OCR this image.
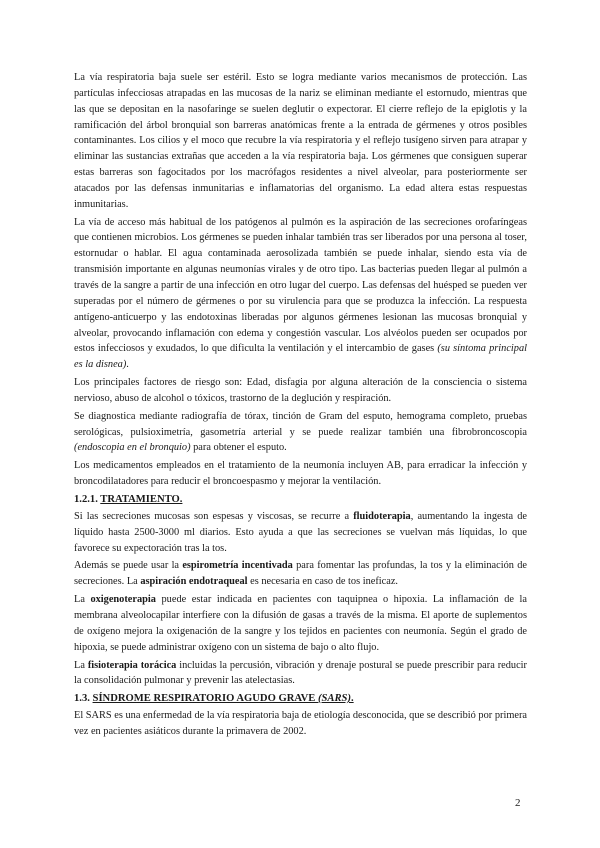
La vía respiratoria baja suele ser estéril. Esto se logra mediante varios mecanismos de protección. Las partículas infecciosas atrapadas en las mucosas de la nariz se eliminan mediante el estornudo, mientras que las que se depositan en la nasofaringe se suelen deglutir o expectorar. El cierre reflejo de la epiglotis y la ramificación del árbol bronquial son barreras anatómicas frente a la entrada de gérmenes y otros posibles contaminantes. Los cilios y el moco que recubre la vía respiratoria y el reflejo tusígeno sirven para atrapar y eliminar las sustancias extrañas que acceden a la vía respiratoria baja. Los gérmenes que consiguen superar estas barreras son fagocitados por los macrófagos residentes a nivel alveolar, para posteriormente ser atacados por las defensas inmunitarias e inflamatorias del organismo. La edad altera estas respuestas inmunitarias.

La vía de acceso más habitual de los patógenos al pulmón es la aspiración de las secreciones orofaríngeas que contienen microbios. Los gérmenes se pueden inhalar también tras ser liberados por una persona al toser, estornudar o hablar. El agua contaminada aerosolizada también se puede inhalar, siendo esta vía de transmisión importante en algunas neumonías virales y de otro tipo. Las bacterias pueden llegar al pulmón a través de la sangre a partir de una infección en otro lugar del cuerpo. Las defensas del huésped se pueden ver superadas por el número de gérmenes o por su virulencia para que se produzca la infección. La respuesta antígeno-anticuerpo y las endotoxinas liberadas por algunos gérmenes lesionan las mucosas bronquial y alveolar, provocando inflamación con edema y congestión vascular. Los alvéolos pueden ser ocupados por estos infecciosos y exudados, lo que dificulta la ventilación y el intercambio de gases (su síntoma principal es la disnea).

Los principales factores de riesgo son: Edad, disfagia por alguna alteración de la consciencia o sistema nervioso, abuso de alcohol o tóxicos, trastorno de la deglución y respiración.

Se diagnostica mediante radiografía de tórax, tinción de Gram del esputo, hemograma completo, pruebas serológicas, pulsioximetría, gasometría arterial y se puede realizar también una fibrobroncoscopia (endoscopia en el bronquio) para obtener el esputo.

Los medicamentos empleados en el tratamiento de la neumonía incluyen AB, para erradicar la infección y broncodilatadores para reducir el broncoespasmo y mejorar la ventilación.

1.2.1. TRATAMIENTO.

Si las secreciones mucosas son espesas y viscosas, se recurre a fluidoterapia, aumentando la ingesta de líquido hasta 2500-3000 ml diarios. Esto ayuda a que las secreciones se vuelvan más líquidas, lo que favorece su expectoración tras la tos.

Además se puede usar la espirometría incentivada para fomentar las profundas, la tos y la eliminación de secreciones. La aspiración endotraqueal es necesaria en caso de tos ineficaz.

La oxigenoterapia puede estar indicada en pacientes con taquipnea o hipoxia. La inflamación de la membrana alveolocapilar interfiere con la difusión de gasas a través de la misma. El aporte de suplementos de oxígeno mejora la oxigenación de la sangre y los tejidos en pacientes con neumonía. Según el grado de hipoxia, se puede administrar oxígeno con un sistema de bajo o alto flujo.

La fisioterapia torácica incluidas la percusión, vibración y drenaje postural se puede prescribir para reducir la consolidación pulmonar y prevenir las atelectasias.

1.3. SÍNDROME RESPIRATORIO AGUDO GRAVE (SARS).

El SARS es una enfermedad de la vía respiratoria baja de etiología desconocida, que se describió por primera vez en pacientes asiáticos durante la primavera de 2002.

2
